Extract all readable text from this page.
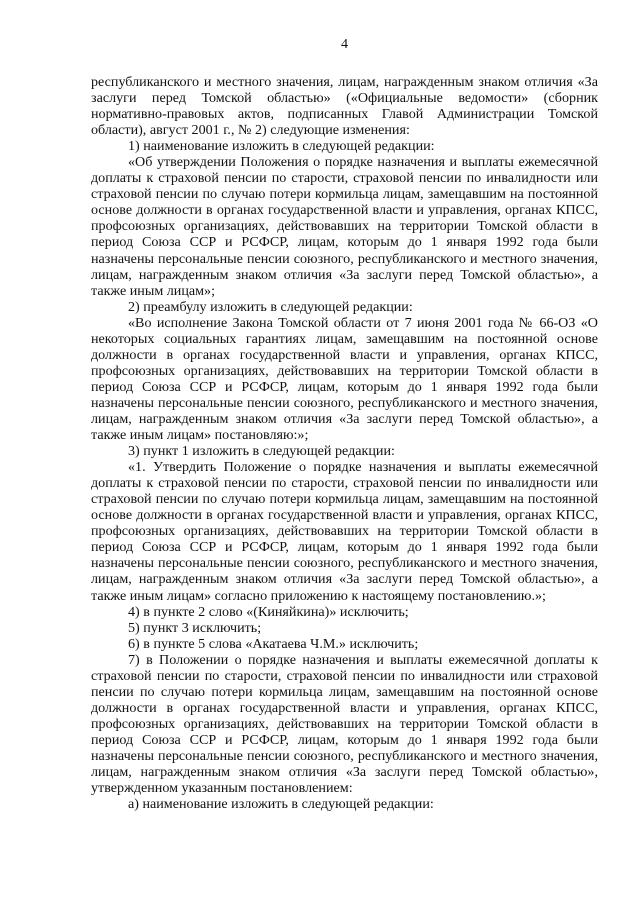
4

республиканского и местного значения, лицам, награжденным знаком отличия «За заслуги перед Томской областью» («Официальные ведомости» (сборник нормативно-правовых актов, подписанных Главой Администрации Томской области), август 2001 г., № 2) следующие изменения:

1) наименование изложить в следующей редакции:

«Об утверждении Положения о порядке назначения и выплаты ежемесячной доплаты к страховой пенсии по старости, страховой пенсии по инвалидности или страховой пенсии по случаю потери кормильца лицам, замещавшим на постоянной основе должности в органах государственной власти и управления, органах КПСС, профсоюзных организациях, действовавших на территории Томской области в период Союза ССР и РСФСР, лицам, которым до 1 января 1992 года были назначены персональные пенсии союзного, республиканского и местного значения, лицам, награжденным знаком отличия «За заслуги перед Томской областью», а также иным лицам»;

2) преамбулу изложить в следующей редакции:

«Во исполнение Закона Томской области от 7 июня 2001 года № 66-ОЗ «О некоторых социальных гарантиях лицам, замещавшим на постоянной основе должности в органах государственной власти и управления, органах КПСС, профсоюзных организациях, действовавших на территории Томской области в период Союза ССР и РСФСР, лицам, которым до 1 января 1992 года были назначены персональные пенсии союзного, республиканского и местного значения, лицам, награжденным знаком отличия «За заслуги перед Томской областью», а также иным лицам» постановляю:»;

3) пункт 1 изложить в следующей редакции:

«1. Утвердить Положение о порядке назначения и выплаты ежемесячной доплаты к страховой пенсии по старости, страховой пенсии по инвалидности или страховой пенсии по случаю потери кормильца лицам, замещавшим на постоянной основе должности в органах государственной власти и управления, органах КПСС, профсоюзных организациях, действовавших на территории Томской области в период Союза ССР и РСФСР, лицам, которым до 1 января 1992 года были назначены персональные пенсии союзного, республиканского и местного значения, лицам, награжденным знаком отличия «За заслуги перед Томской областью», а также иным лицам» согласно приложению к настоящему постановлению.»;

4) в пункте 2 слово «(Киняйкина)» исключить;

5) пункт 3 исключить;

6) в пункте 5 слова «Акатаева Ч.М.» исключить;

7) в Положении о порядке назначения и выплаты ежемесячной доплаты к страховой пенсии по старости, страховой пенсии по инвалидности или страховой пенсии по случаю потери кормильца лицам, замещавшим на постоянной основе должности в органах государственной власти и управления, органах КПСС, профсоюзных организациях, действовавших на территории Томской области в период Союза ССР и РСФСР, лицам, которым до 1 января 1992 года были назначены персональные пенсии союзного, республиканского и местного значения, лицам, награжденным знаком отличия «За заслуги перед Томской областью», утвержденном указанным постановлением:

а) наименование изложить в следующей редакции:
